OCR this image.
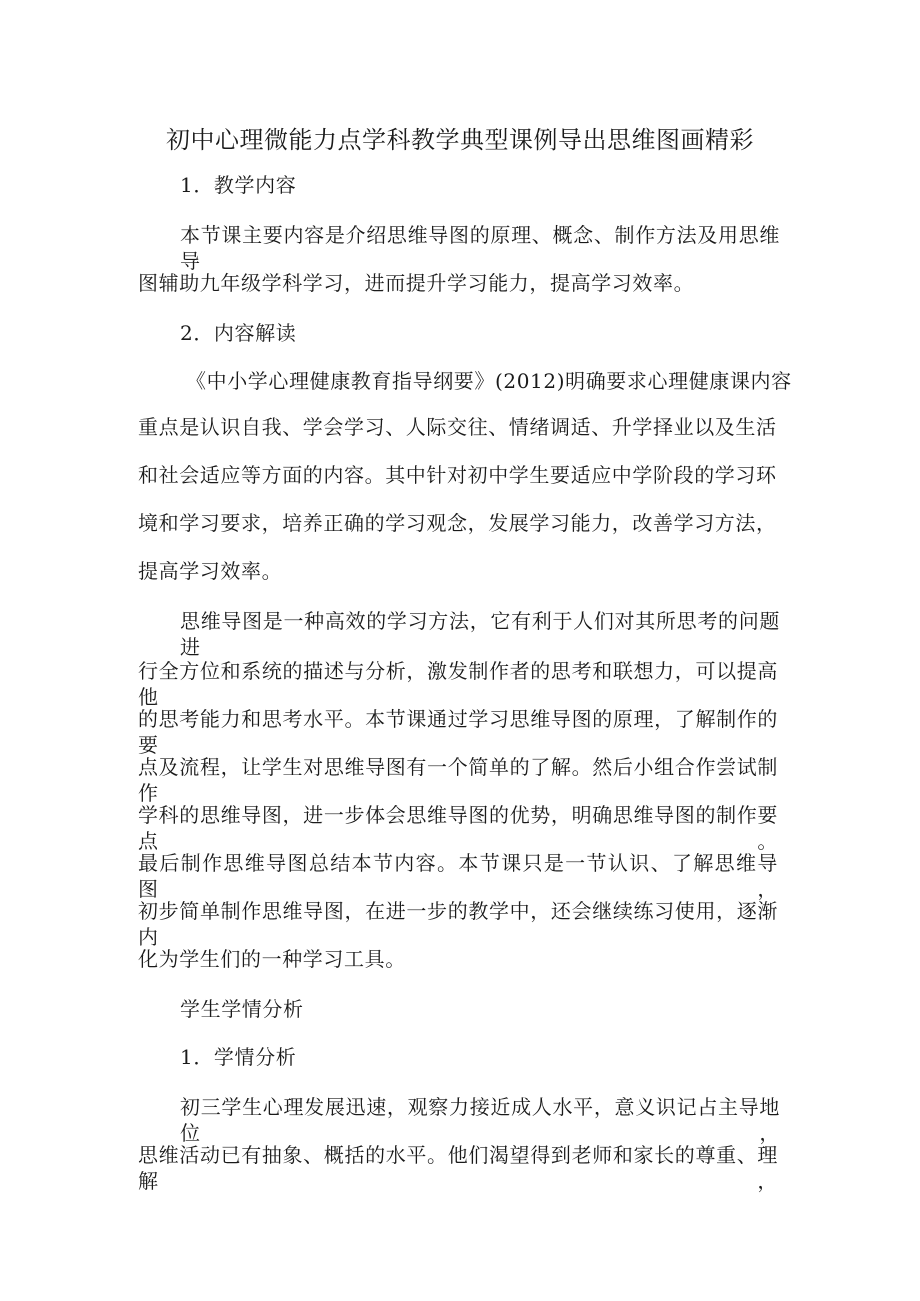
初中心理微能力点学科教学典型课例导出思维图画精彩
1．教学内容
本节课主要内容是介绍思维导图的原理、概念、制作方法及用思维导
图辅助九年级学科学习，进而提升学习能力，提高学习效率。
2．内容解读
《中小学心理健康教育指导纲要》(2012)明确要求心理健康课内容
重点是认识自我、学会学习、人际交往、情绪调适、升学择业以及生活
和社会适应等方面的内容。其中针对初中学生要适应中学阶段的学习环
境和学习要求，培养正确的学习观念，发展学习能力，改善学习方法，
提高学习效率。
思维导图是一种高效的学习方法，它有利于人们对其所思考的问题进
行全方位和系统的描述与分析，激发制作者的思考和联想力，可以提高他
的思考能力和思考水平。本节课通过学习思维导图的原理，了解制作的要
点及流程，让学生对思维导图有一个简单的了解。然后小组合作尝试制作
学科的思维导图，进一步体会思维导图的优势，明确思维导图的制作要点。
最后制作思维导图总结本节内容。本节课只是一节认识、了解思维导图，
初步简单制作思维导图，在进一步的教学中，还会继续练习使用，逐渐内
化为学生们的一种学习工具。
学生学情分析
1．学情分析
初三学生心理发展迅速，观察力接近成人水平，意义识记占主导地位，
思维活动已有抽象、概括的水平。他们渴望得到老师和家长的尊重、理解，
